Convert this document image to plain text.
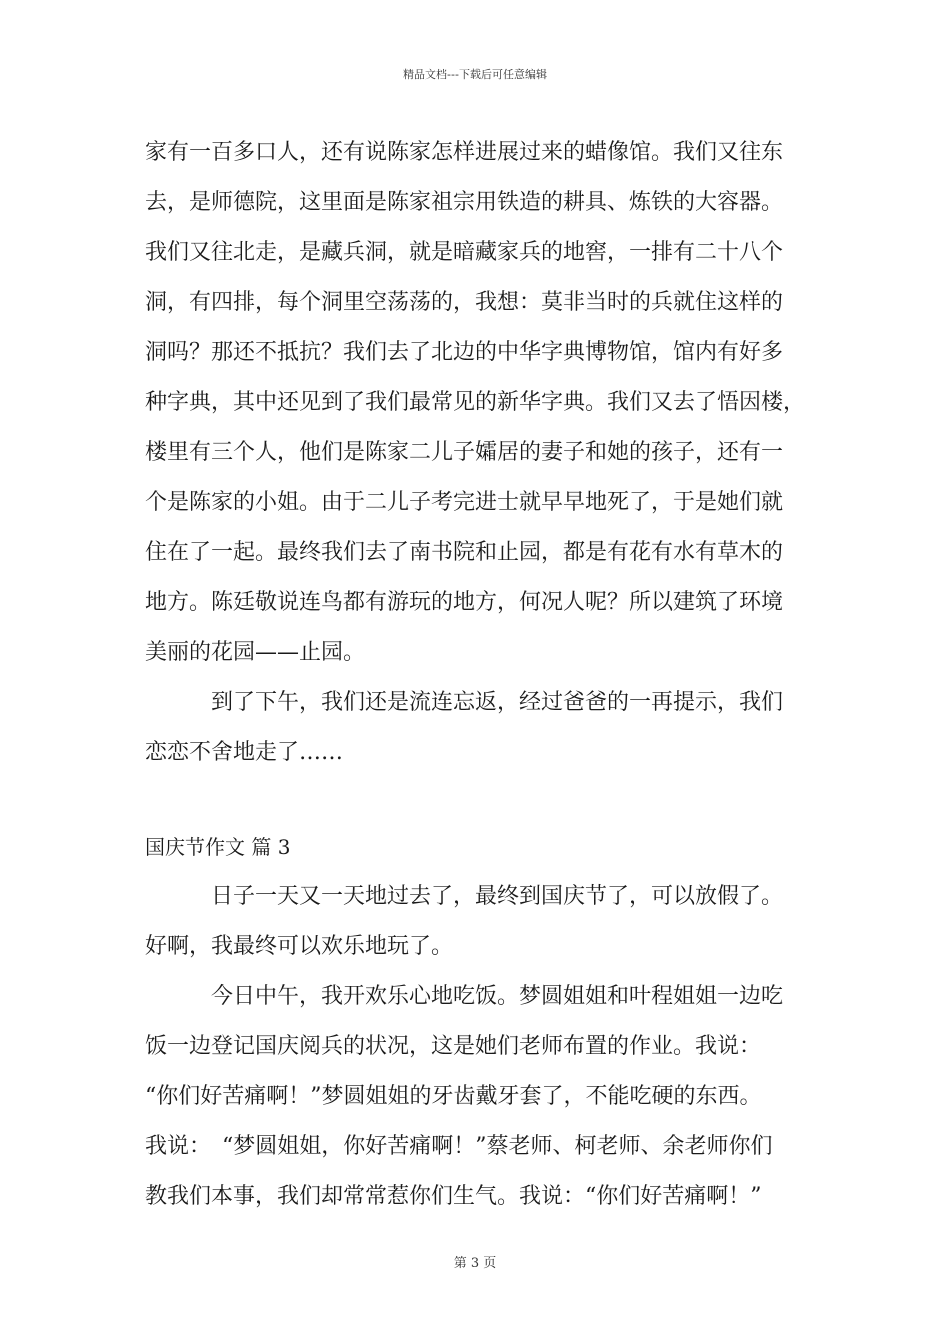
精品文档---下载后可任意编辑
家有一百多口人，还有说陈家怎样进展过来的蜡像馆。我们又往东
去，是师德院，这里面是陈家祖宗用铁造的耕具、炼铁的大容器。
我们又往北走，是藏兵洞，就是暗藏家兵的地窖，一排有二十八个
洞，有四排，每个洞里空荡荡的，我想：莫非当时的兵就住这样的
洞吗？那还不抵抗？我们去了北边的中华字典博物馆，馆内有好多
种字典，其中还见到了我们最常见的新华字典。我们又去了悟因楼，
楼里有三个人，他们是陈家二儿子孀居的妻子和她的孩子，还有一
个是陈家的小姐。由于二儿子考完进士就早早地死了，于是她们就
住在了一起。最终我们去了南书院和止园，都是有花有水有草木的
地方。陈廷敬说连鸟都有游玩的地方，何况人呢？所以建筑了环境
美丽的花园——止园。
到了下午，我们还是流连忘返，经过爸爸的一再提示，我们
恋恋不舍地走了……
国庆节作文 篇 3
日子一天又一天地过去了，最终到国庆节了，可以放假了。
好啊，我最终可以欢乐地玩了。
今日中午，我开欢乐心地吃饭。梦圆姐姐和叶程姐姐一边吃
饭一边登记国庆阅兵的状况，这是她们老师布置的作业。我说：
“你们好苦痛啊！”梦圆姐姐的牙齿戴牙套了，不能吃硬的东西。
我说：　“梦圆姐姐，你好苦痛啊！”蔡老师、柯老师、余老师你们
教我们本事，我们却常常惹你们生气。我说：“你们好苦痛啊！”
第 3 页
